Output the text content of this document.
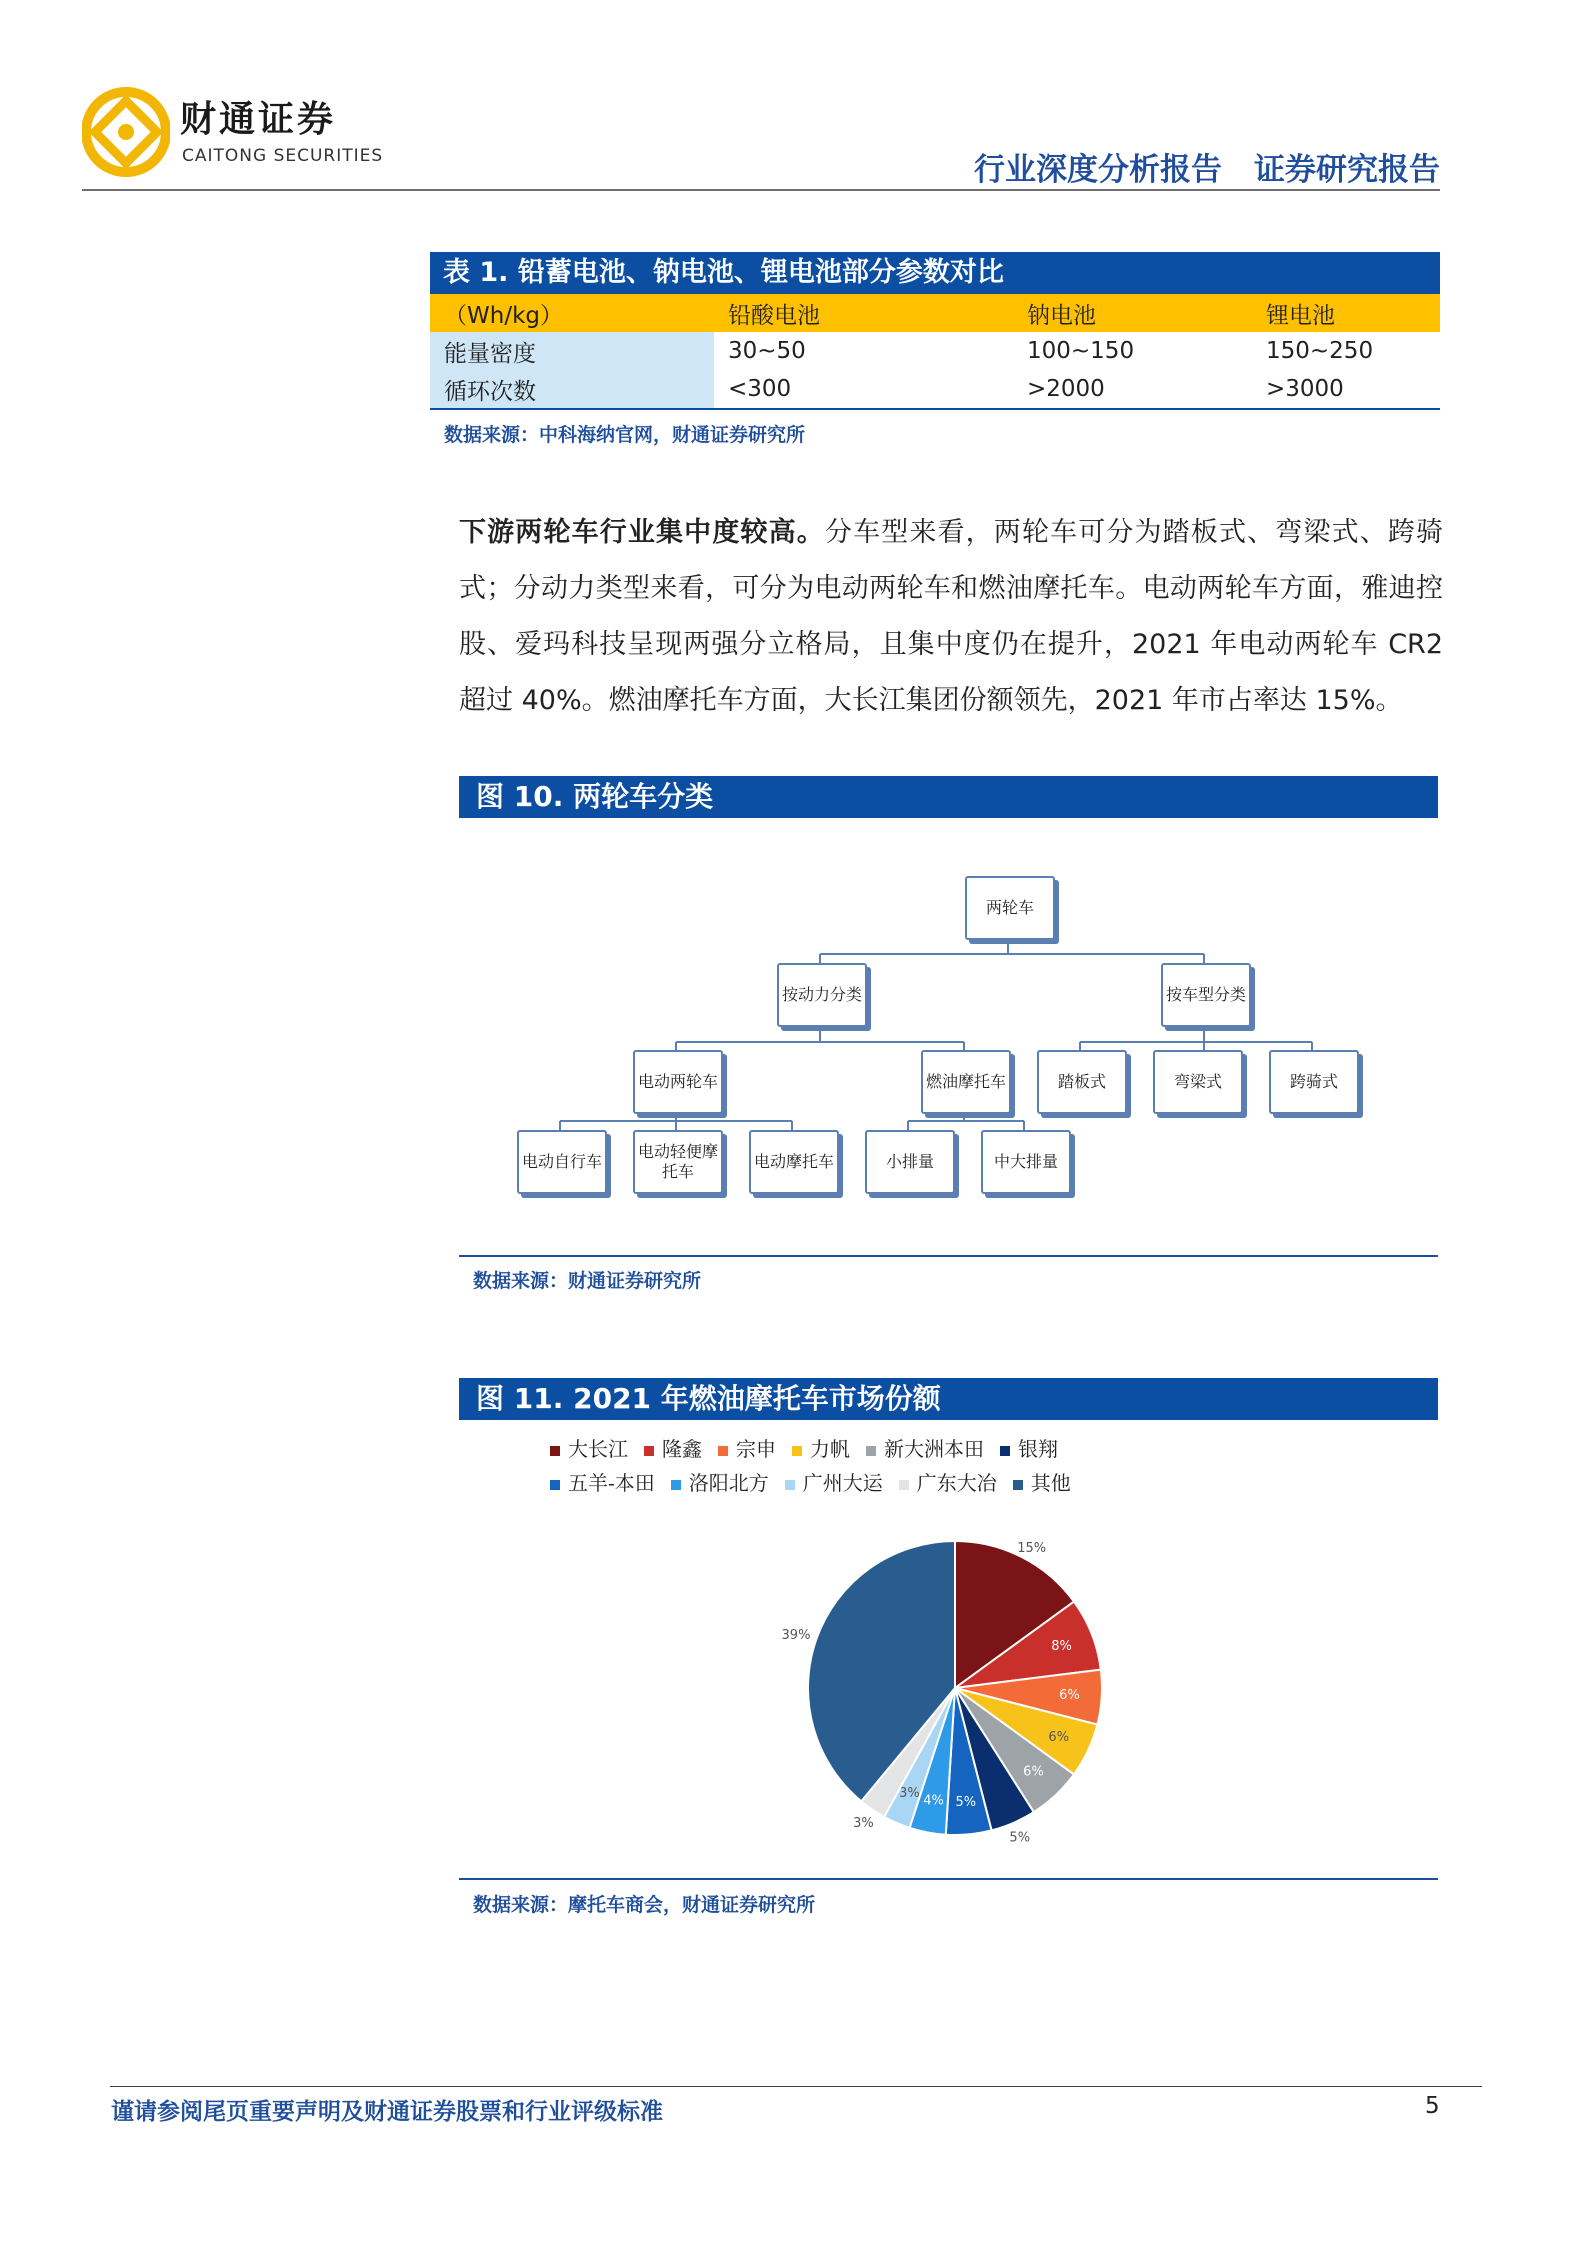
财通证券
CAITONG SECURITIES	行业深度分析报告 证券研究报告
表 1. 铅蓄电池、钠电池、锂电池部分参数对比
（Wh/kg）	铅酸电池	钠电池	锂电池
能量密度	30~50	100~150	150~250
循环次数	<300	>2000	>3000
数据来源：中科海纳官网，财通证券研究所
下游两轮车行业集中度较高。分车型来看，两轮车可分为踏板式、弯梁式、跨骑式；分动力类型来看，可分为电动两轮车和燃油摩托车。电动两轮车方面，雅迪控股、爱玛科技呈现两强分立格局，且集中度仍在提升，2021 年电动两轮车 CR2 超过 40%。燃油摩托车方面，大长江集团份额领先，2021 年市占率达 15%。
图 10. 两轮车分类
两轮车
按动力分类	按车型分类
电动两轮车	燃油摩托车	踏板式	弯梁式	跨骑式
电动自行车
电动轻便摩
托车
电动摩托车	小排量	中大排量
数据来源：财通证券研究所
图 11. 2021 年燃油摩托车市场份额
大长江 隆鑫 宗申 力帆 新大洲本田 银翔
五羊-本田 洛阳北方 广州大运 广东大冶 其他
15%
8%
6%
6%
6%
5%
5%
4%
3%
3%
39%
数据来源：摩托车商会，财通证券研究所
谨请参阅尾页重要声明及财通证券股票和行业评级标准	5
